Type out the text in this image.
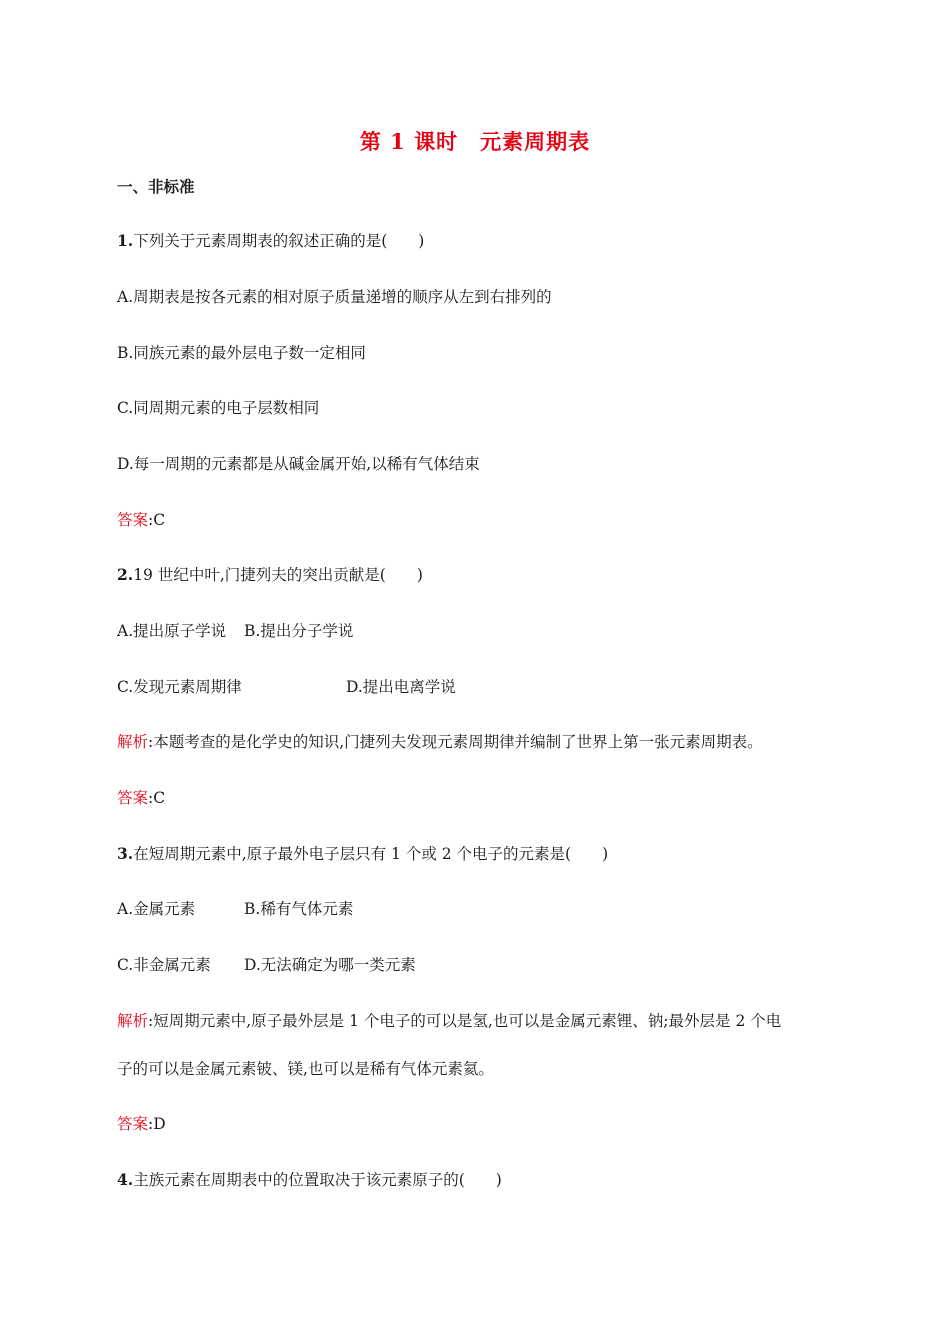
第 1 课时　元素周期表
一、非标准
1.下列关于元素周期表的叙述正确的是(　　)
A.周期表是按各元素的相对原子质量递增的顺序从左到右排列的
B.同族元素的最外层电子数一定相同
C.同周期元素的电子层数相同
D.每一周期的元素都是从碱金属开始,以稀有气体结束
答案:C
2.19 世纪中叶,门捷列夫的突出贡献是(　　)
A.提出原子学说 B.提出分子学说
C.发现元素周期律	D.提出电离学说
解析:本题考查的是化学史的知识,门捷列夫发现元素周期律并编制了世界上第一张元素周期表。
答案:C
3.在短周期元素中,原子最外电子层只有 1 个或 2 个电子的元素是(　　)
A.金属元素	B.稀有气体元素
C.非金属元素 D.无法确定为哪一类元素
解析:短周期元素中,原子最外层是 1 个电子的可以是氢,也可以是金属元素锂、钠;最外层是 2 个电
子的可以是金属元素铍、镁,也可以是稀有气体元素氦。
答案:D
4.主族元素在周期表中的位置取决于该元素原子的(　　)
